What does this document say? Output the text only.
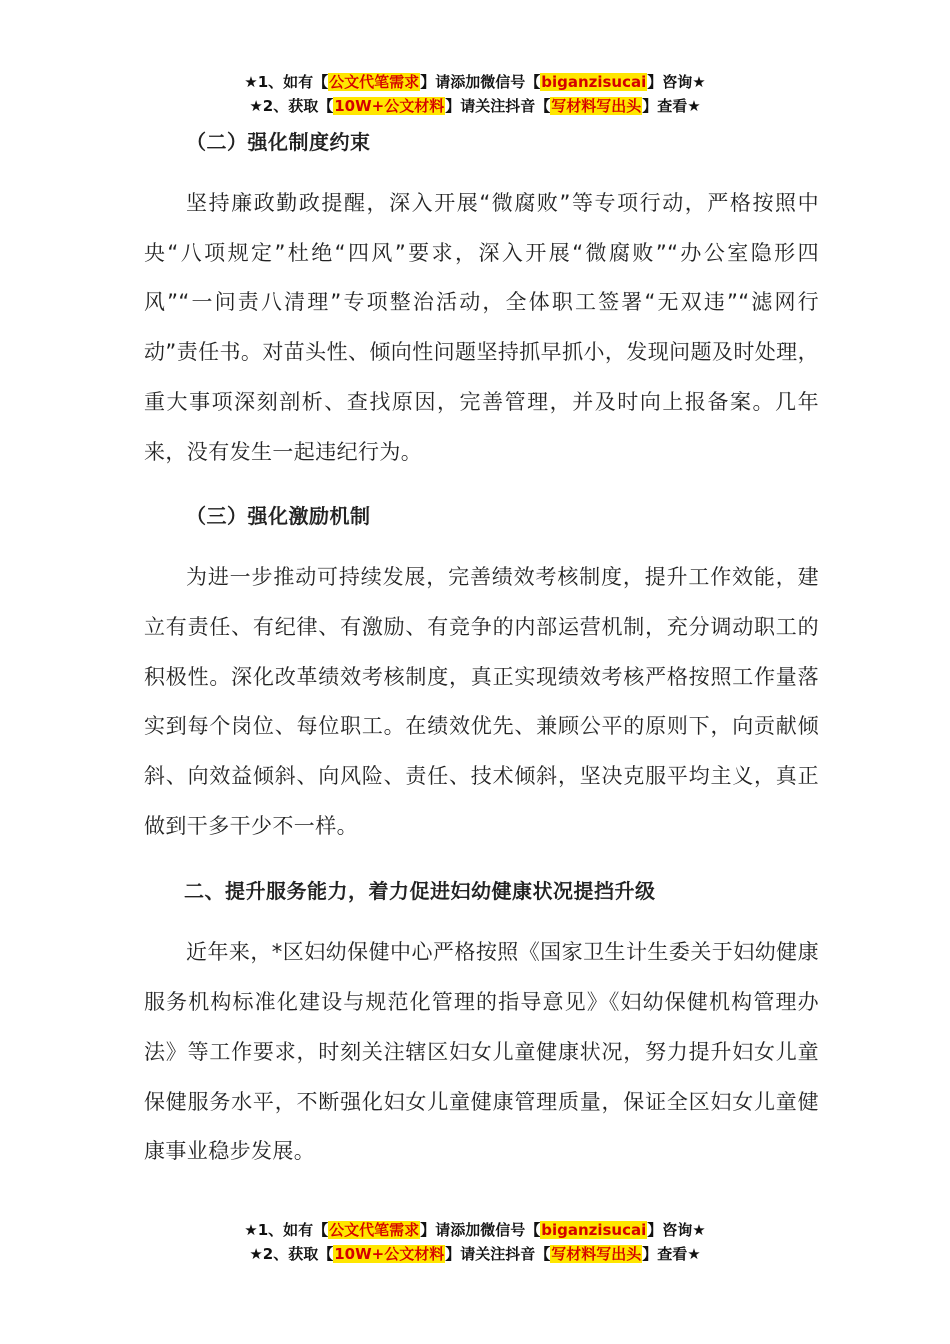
★1、如有【公文代笔需求】请添加微信号【biganzisucai】咨询★
★2、获取【10W+公文材料】请关注抖音【写材料写出头】查看★
（二）强化制度约束

坚持廉政勤政提醒，深入开展“微腐败”等专项行动，严格按照中央“八项规定”杜绝“四风”要求，深入开展“微腐败”“办公室隐形四风”“一问责八清理”专项整治活动，全体职工签署“无双违”“滤网行动”责任书。对苗头性、倾向性问题坚持抓早抓小，发现问题及时处理，重大事项深刻剖析、查找原因，完善管理，并及时向上报备案。几年来，没有发生一起违纪行为。

（三）强化激励机制

为进一步推动可持续发展，完善绩效考核制度，提升工作效能，建立有责任、有纪律、有激励、有竞争的内部运营机制，充分调动职工的积极性。深化改革绩效考核制度，真正实现绩效考核严格按照工作量落实到每个岗位、每位职工。在绩效优先、兼顾公平的原则下，向贡献倾斜、向效益倾斜、向风险、责任、技术倾斜，坚决克服平均主义，真正做到干多干少不一样。

二、提升服务能力，着力促进妇幼健康状况提挡升级

近年来，*区妇幼保健中心严格按照《国家卫生计生委关于妇幼健康服务机构标准化建设与规范化管理的指导意见》《妇幼保健机构管理办法》等工作要求，时刻关注辖区妇女儿童健康状况，努力提升妇女儿童保健服务水平，不断强化妇女儿童健康管理质量，保证全区妇女儿童健康事业稳步发展。

★1、如有【公文代笔需求】请添加微信号【biganzisucai】咨询★
★2、获取【10W+公文材料】请关注抖音【写材料写出头】查看★
